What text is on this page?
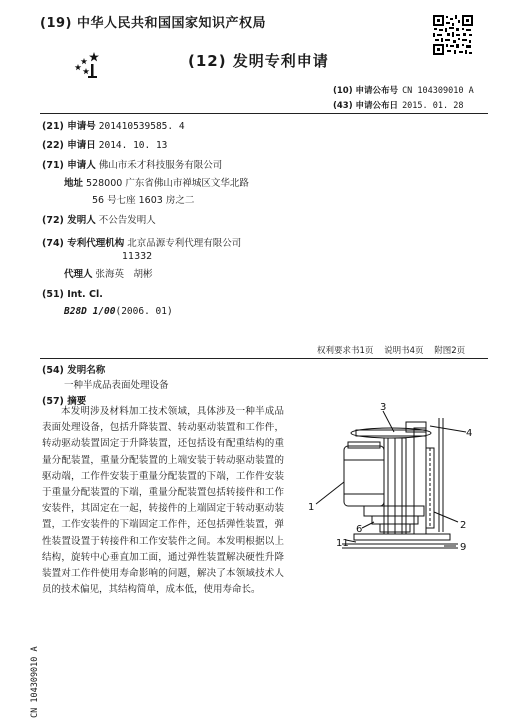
(19) 中华人民共和国国家知识产权局
(12) 发明专利申请
(10) 申请公布号 CN 104309010 A
(43) 申请公布日 2015. 01. 28
(21) 申请号 201410539585. 4
(22) 申请日 2014. 10. 13
(71) 申请人 佛山市禾才科技服务有限公司
地址 528000 广东省佛山市禅城区文华北路
56 号七座 1603 房之二
(72) 发明人 不公告发明人
(74) 专利代理机构 北京品源专利代理有限公司
11332
代理人 张海英　胡彬
(51) Int. Cl.
B28D 1/00(2006. 01)
权利要求书1页 说明书4页 附图2页
(54) 发明名称
一种半成品表面处理设备
(57) 摘要
本发明涉及材料加工技术领域，具体涉及一种半成品表面处理设备，包括升降装置、转动驱动装置和工作件，转动驱动装置固定于升降装置，还包括设有配重结构的重量分配装置，重量分配装置的上端安装于转动驱动装置的驱动端，工作件安装于重量分配装置的下端，工作件安装于重量分配装置的下端，重量分配装置包括转接件和工作安装件，其固定在一起，转接件的上端固定于转动驱动装置，工作安装件的下端固定工作件，还包括弹性装置，弹性装置设置于转接件和工作安装件之间。本发明根据以上结构，旋转中心垂直加工面，通过弹性装置解决硬性升降装置对工作件使用寿命影响的问题，解决了本领域技术人员的技术偏见，其结构简单，成本低，使用寿命长。
3
4
1
2
6
11	9
CN 104309010 A
